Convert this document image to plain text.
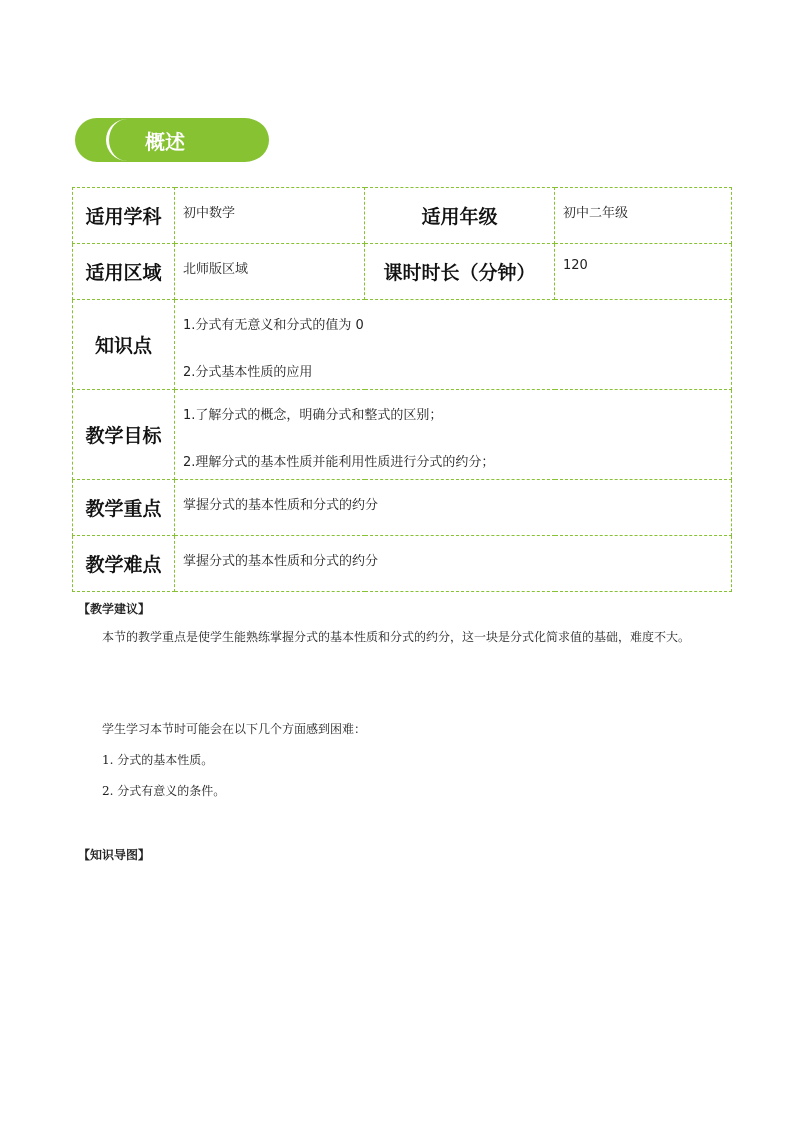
概述
适用学科	初中数学	适用年级	初中二年级
适用区域	北师版区域	课时时长（分钟）	120
知识点	1.分式有无意义和分式的值为 0

2.分式基本性质的应用		

教学目标	1.了解分式的概念，明确分式和整式的区别；

2.理解分式的基本性质并能利用性质进行分式的约分；		

教学重点	掌握分式的基本性质和分式的约分		
教学难点	掌握分式的基本性质和分式的约分		
【教学建议】
本节的教学重点是使学生能熟练掌握分式的基本性质和分式的约分，这一块是分式化简求值的基础，难度不大。
学生学习本节时可能会在以下几个方面感到困难：
1. 分式的基本性质。
2. 分式有意义的条件。
【知识导图】
